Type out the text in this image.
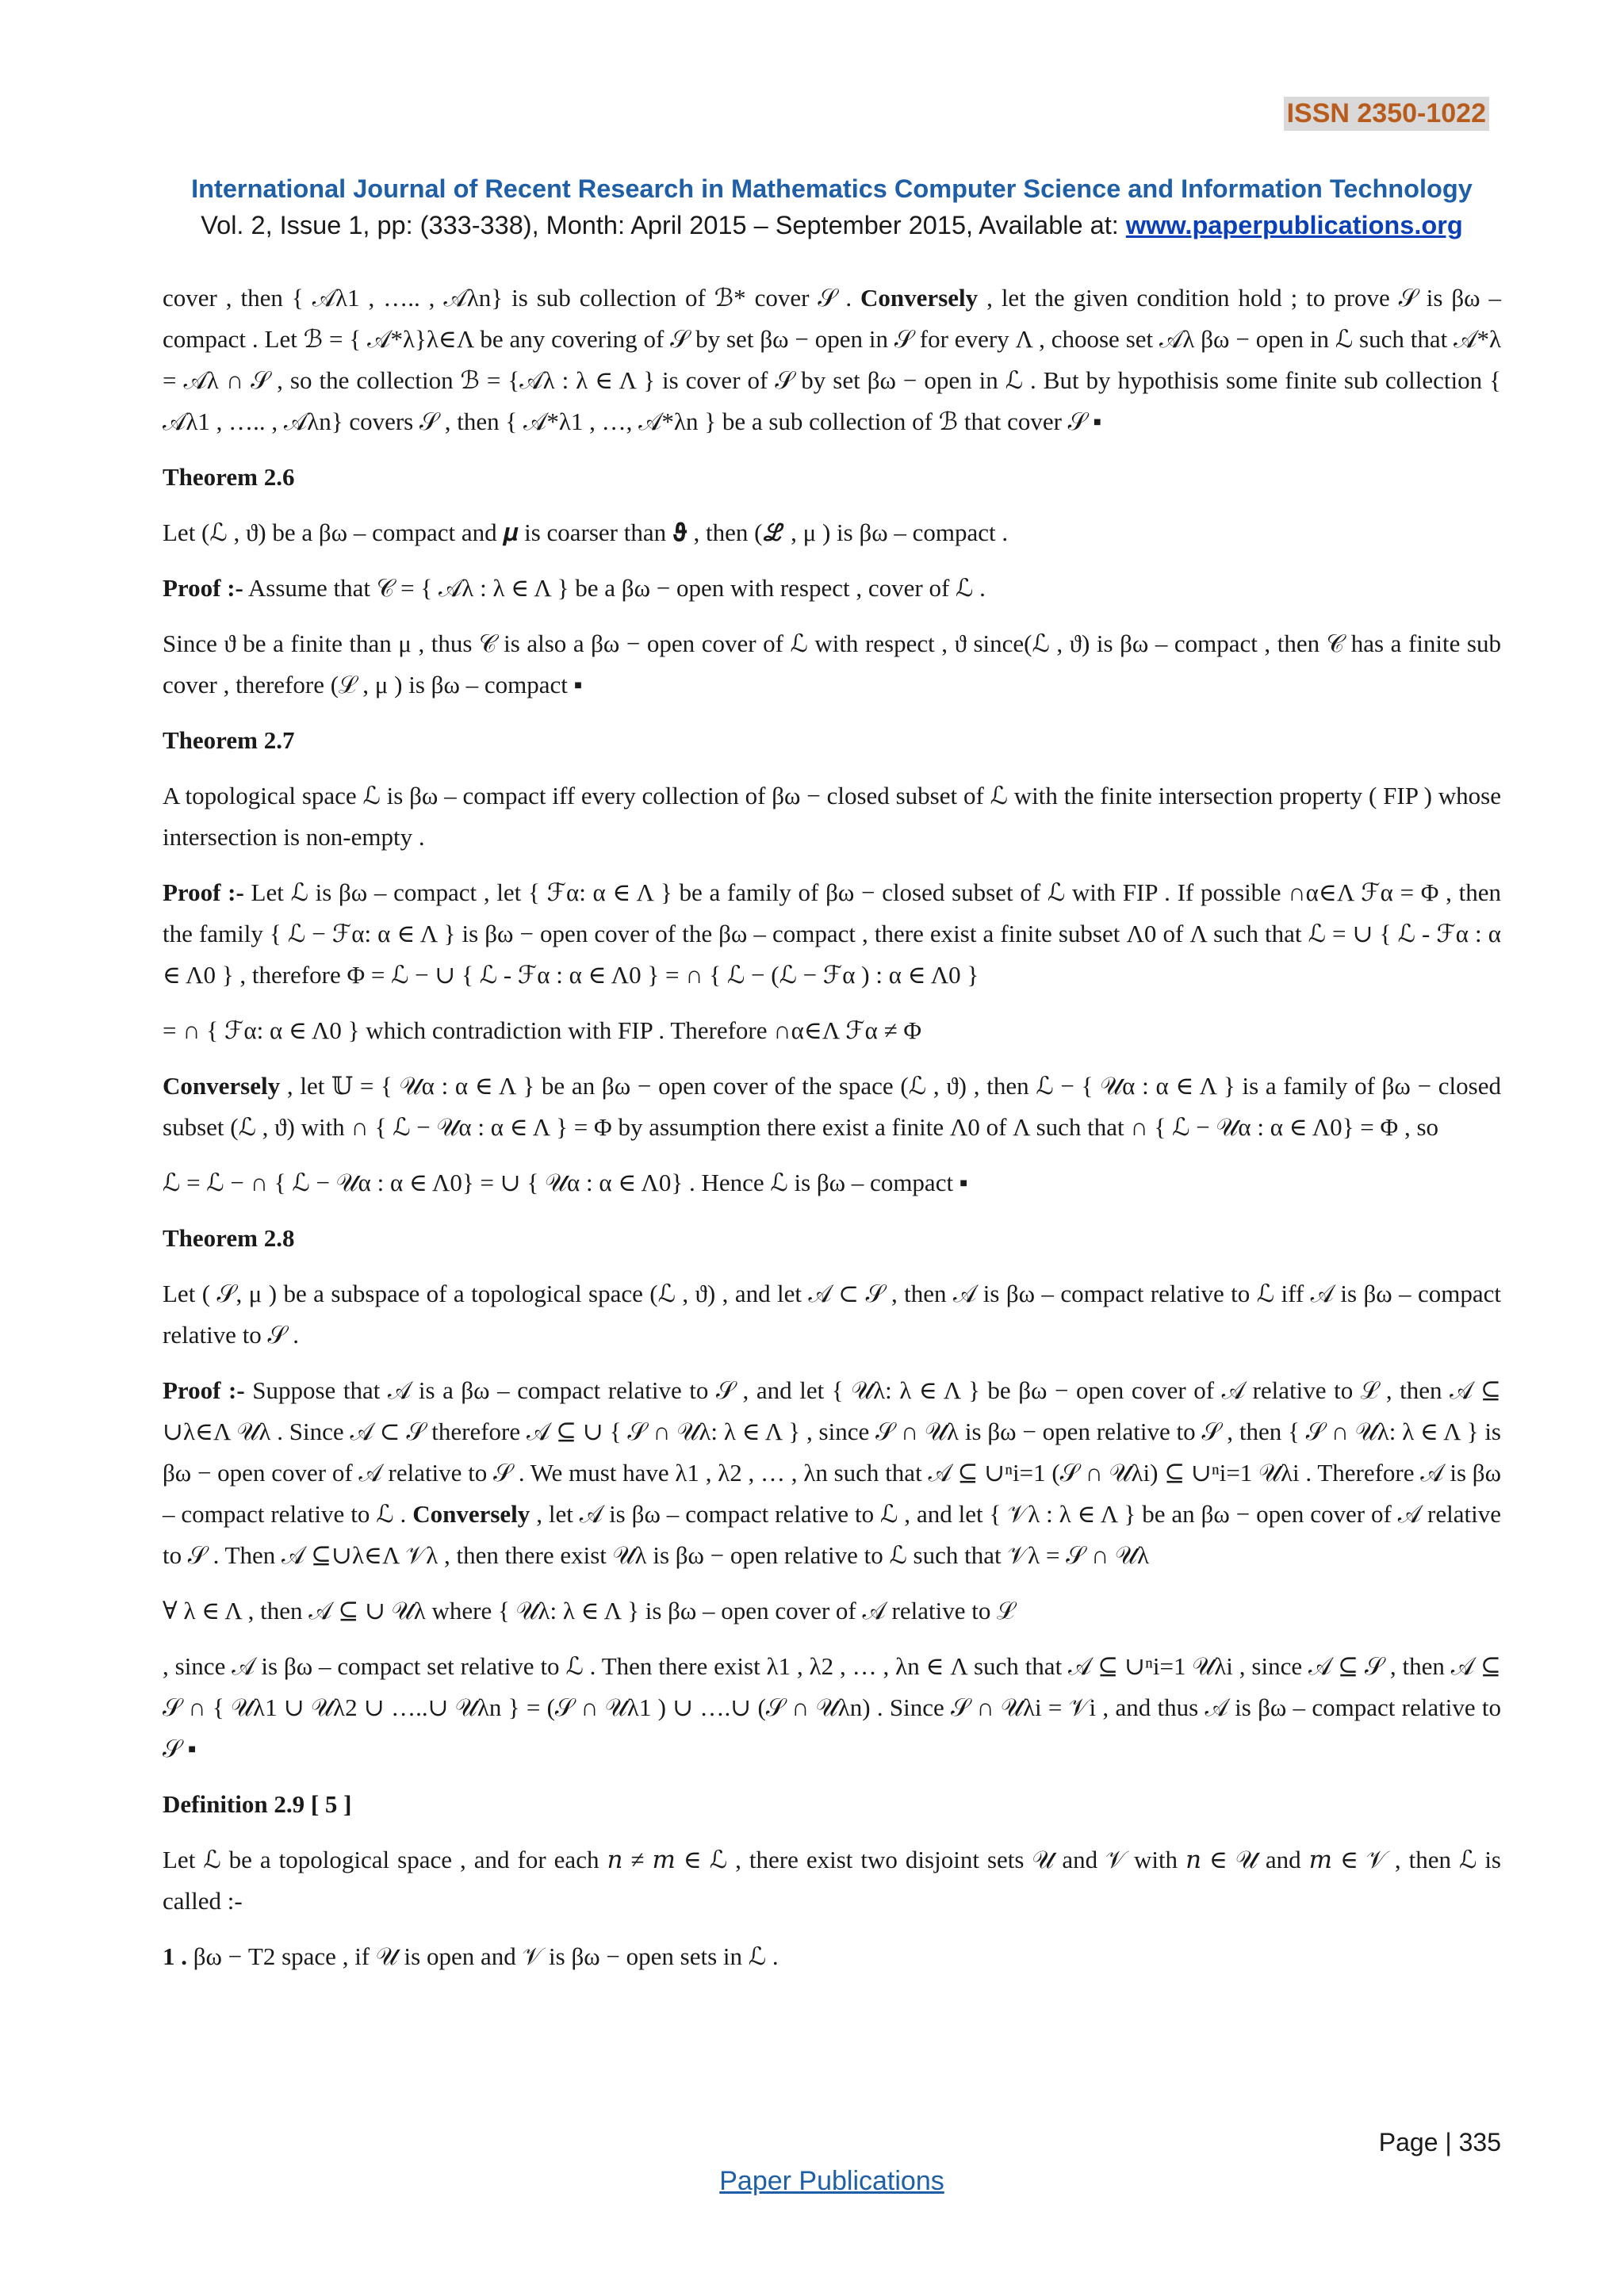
ISSN 2350-1022
International Journal of Recent Research in Mathematics Computer Science and Information Technology
Vol. 2, Issue 1, pp: (333-338), Month: April 2015 – September 2015, Available at: www.paperpublications.org

cover , then { 𝒜λ1 , ….. , 𝒜λn} is sub collection of ℬ* cover 𝒮 . Conversely , let the given condition hold ; to prove 𝒮 is βω – compact . Let ℬ = { 𝒜*λ}λ∈Λ be any covering of 𝒮 by set βω − open in 𝒮 for every Λ , choose set 𝒜λ βω − open in ℒ such that 𝒜*λ = 𝒜λ ∩ 𝒮 , so the collection ℬ = {𝒜λ : λ ∈ Λ } is cover of 𝒮 by set βω − open in ℒ . But by hypothisis some finite sub collection { 𝒜λ1 , ….. , 𝒜λn} covers 𝒮 , then { 𝒜*λ1 , …, 𝒜*λn } be a sub collection of ℬ that cover 𝒮 ▪

Theorem 2.6

Let (ℒ , ϑ) be a βω – compact and 𝝁 is coarser than 𝛝 , then (ℒ , μ ) is βω – compact .

Proof :- Assume that 𝒞 = { 𝒜λ : λ ∈ Λ } be a βω − open with respect , cover of ℒ .

Since ϑ be a finite than μ , thus 𝒞 is also a βω − open cover of ℒ with respect , ϑ since(ℒ , ϑ) is βω – compact , then 𝒞 has a finite sub cover , therefore (ℒ , μ ) is βω – compact ▪

Theorem 2.7

A topological space ℒ is βω – compact iff every collection of βω − closed subset of ℒ with the finite intersection property ( FIP ) whose intersection is non-empty .

Proof :- Let ℒ is βω – compact , let { ℱα: α ∈ Λ } be a family of βω − closed subset of ℒ with FIP . If possible ∩α∈Λ ℱα = Φ , then the family { ℒ − ℱα: α ∈ Λ } is βω − open cover of the βω – compact , there exist a finite subset Λ0 of Λ such that ℒ = ∪ { ℒ - ℱα : α ∈ Λ0 } , therefore Φ = ℒ − ∪ { ℒ - ℱα : α ∈ Λ0 } = ∩ { ℒ − (ℒ − ℱα ) : α ∈ Λ0 }

= ∩ { ℱα: α ∈ Λ0 } which contradiction with FIP . Therefore ∩α∈Λ ℱα ≠ Φ

Conversely , let 𝕌 = { 𝒰α : α ∈ Λ } be an βω − open cover of the space (ℒ , ϑ) , then ℒ − { 𝒰α : α ∈ Λ } is a family of βω − closed subset (ℒ , ϑ) with ∩ { ℒ − 𝒰α : α ∈ Λ } = Φ by assumption there exist a finite Λ0 of Λ such that ∩ { ℒ − 𝒰α : α ∈ Λ0} = Φ , so

ℒ = ℒ − ∩ { ℒ − 𝒰α : α ∈ Λ0} = ∪ { 𝒰α : α ∈ Λ0} . Hence ℒ is βω – compact ▪

Theorem 2.8

Let ( 𝒮, μ ) be a subspace of a topological space (ℒ , ϑ) , and let 𝒜 ⊂ 𝒮 , then 𝒜 is βω – compact relative to ℒ iff 𝒜 is βω – compact relative to 𝒮 .

Proof :- Suppose that 𝒜 is a βω – compact relative to 𝒮 , and let { 𝒰λ: λ ∈ Λ } be βω − open cover of 𝒜 relative to ℒ , then 𝒜 ⊆ ∪λ∈Λ 𝒰λ . Since 𝒜 ⊂ 𝒮 therefore 𝒜 ⊆ ∪ { 𝒮 ∩ 𝒰λ: λ ∈ Λ } , since 𝒮 ∩ 𝒰λ is βω − open relative to 𝒮 , then { 𝒮 ∩ 𝒰λ: λ ∈ Λ } is βω − open cover of 𝒜 relative to 𝒮 . We must have λ1 , λ2 , … , λn such that 𝒜 ⊆ ∪ⁿi=1 (𝒮 ∩ 𝒰λi) ⊆ ∪ⁿi=1 𝒰λi . Therefore 𝒜 is βω – compact relative to ℒ . Conversely , let 𝒜 is βω – compact relative to ℒ , and let { 𝒱λ : λ ∈ Λ } be an βω − open cover of 𝒜 relative to 𝒮 . Then 𝒜 ⊆∪λ∈Λ 𝒱λ , then there exist 𝒰λ is βω − open relative to ℒ such that 𝒱λ = 𝒮 ∩ 𝒰λ

∀ λ ∈ Λ , then 𝒜 ⊆ ∪ 𝒰λ where { 𝒰λ: λ ∈ Λ } is βω – open cover of 𝒜 relative to ℒ

, since 𝒜 is βω – compact set relative to ℒ . Then there exist λ1 , λ2 , … , λn ∈ Λ such that 𝒜 ⊆ ∪ⁿi=1 𝒰λi , since 𝒜 ⊆ 𝒮 , then 𝒜 ⊆ 𝒮 ∩ { 𝒰λ1 ∪ 𝒰λ2 ∪ …..∪ 𝒰λn } = (𝒮 ∩ 𝒰λ1 ) ∪ ….∪ (𝒮 ∩ 𝒰λn) . Since 𝒮 ∩ 𝒰λi = 𝒱i , and thus 𝒜 is βω – compact relative to 𝒮 ▪

Definition 2.9 [ 5 ]

Let ℒ be a topological space , and for each 𝑛 ≠ 𝑚 ∈ ℒ , there exist two disjoint sets 𝒰 and 𝒱 with 𝑛 ∈ 𝒰 and 𝑚 ∈ 𝒱 , then ℒ is called :-

1 . βω − T2 space , if 𝒰 is open and 𝒱 is βω − open sets in ℒ .

Page | 335
Paper Publications
